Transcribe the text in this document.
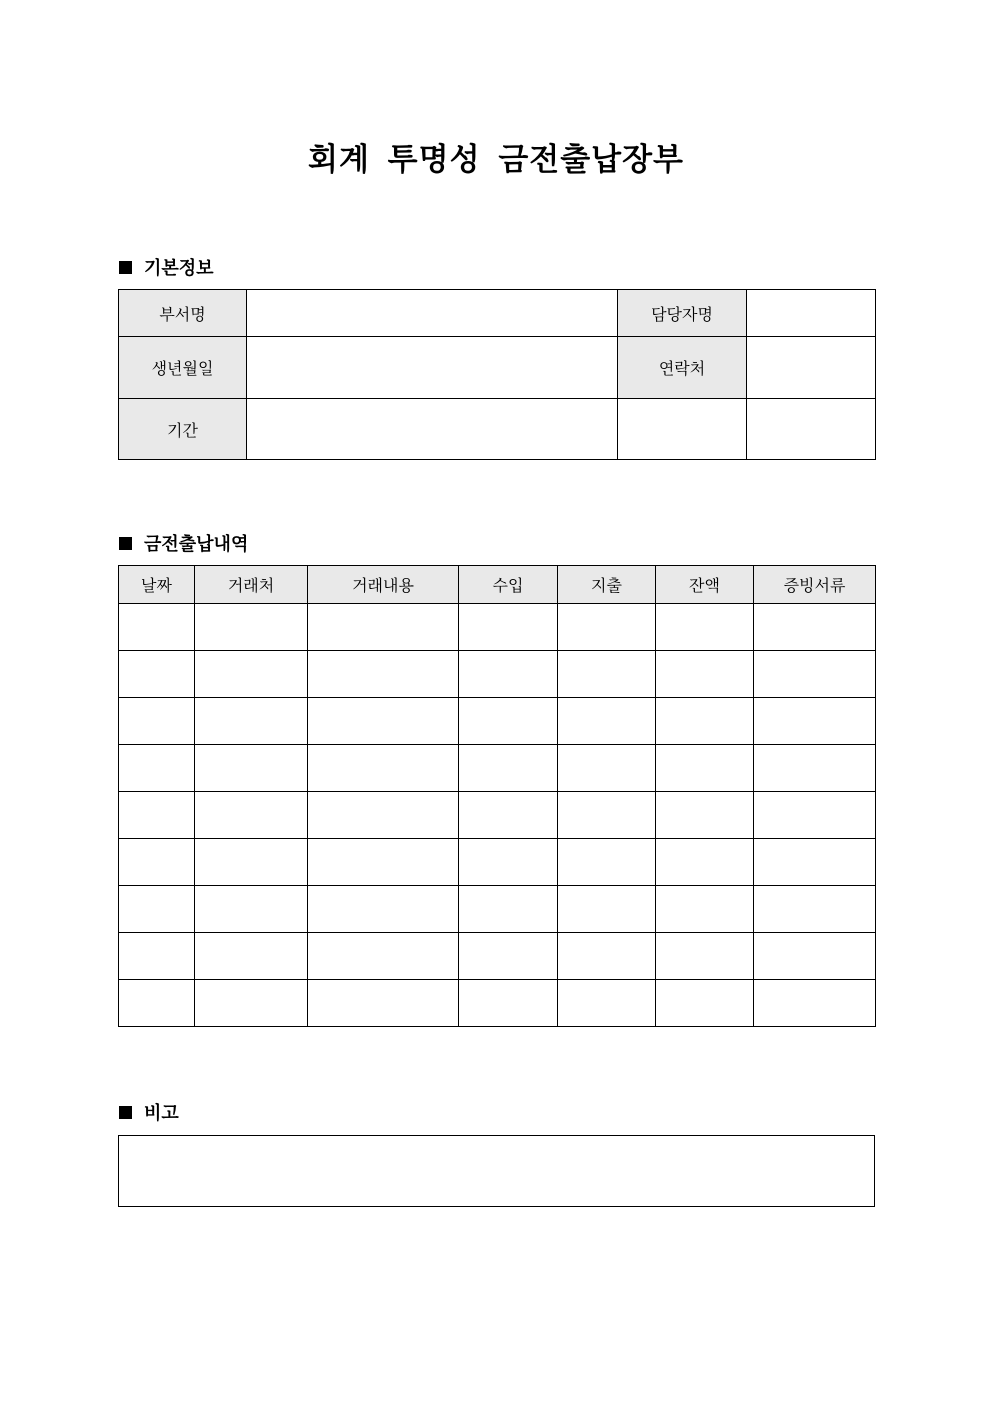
회계 투명성 금전출납장부
기본정보
부서명		담당자명	
생년월일		연락처	
기간			
금전출납내역
날짜	거래처	거래내용	수입	지출	잔액	증빙서류

비고
